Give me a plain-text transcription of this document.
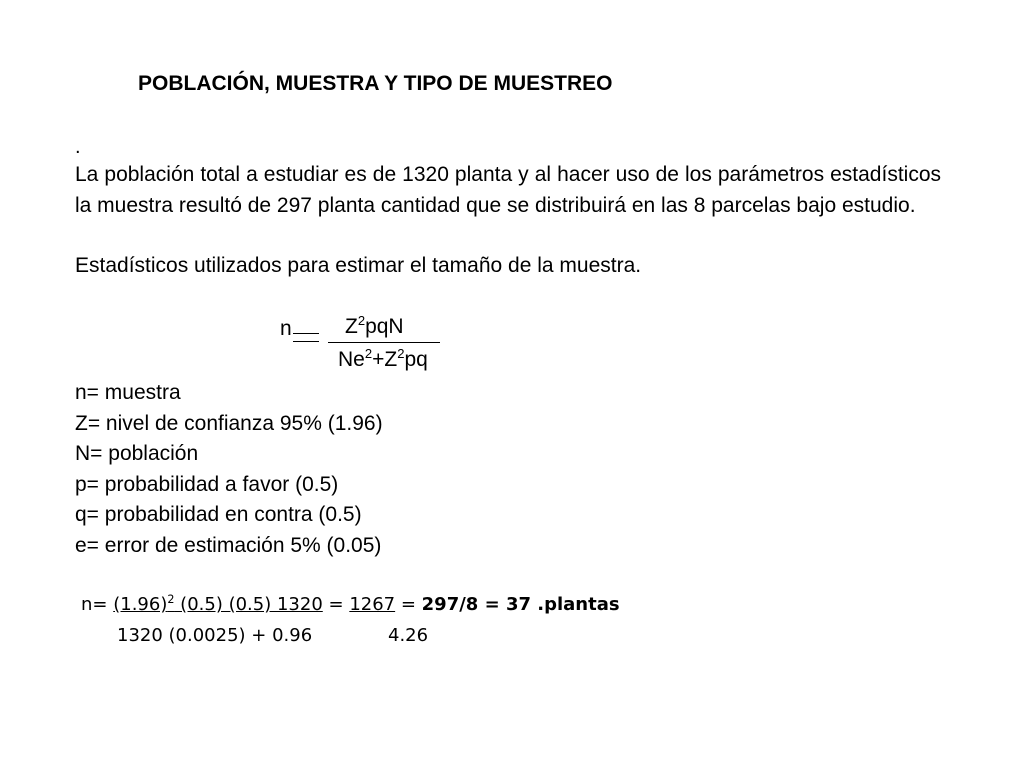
POBLACIÓN, MUESTRA Y TIPO DE MUESTREO
.
La población total a estudiar es de 1320 planta y al hacer uso de los parámetros estadísticos la muestra resultó de 297 planta cantidad que se distribuirá en las 8 parcelas bajo estudio.
Estadísticos utilizados para estimar el tamaño de la muestra.
n	$Z^2pqN$
$Ne^2+Z^2pq$
n= muestra
Z= nivel de confianza 95% (1.96)
N= población
p= probabilidad a favor (0.5)
q= probabilidad en contra (0.5)
e= error de estimación 5% (0.05)
$n= (1.96)^2$ (0.5) (0.5) 1320 = 1267 = 297/8 = 37 .plantas
1320 (0.0025) + 0.96	4.26
